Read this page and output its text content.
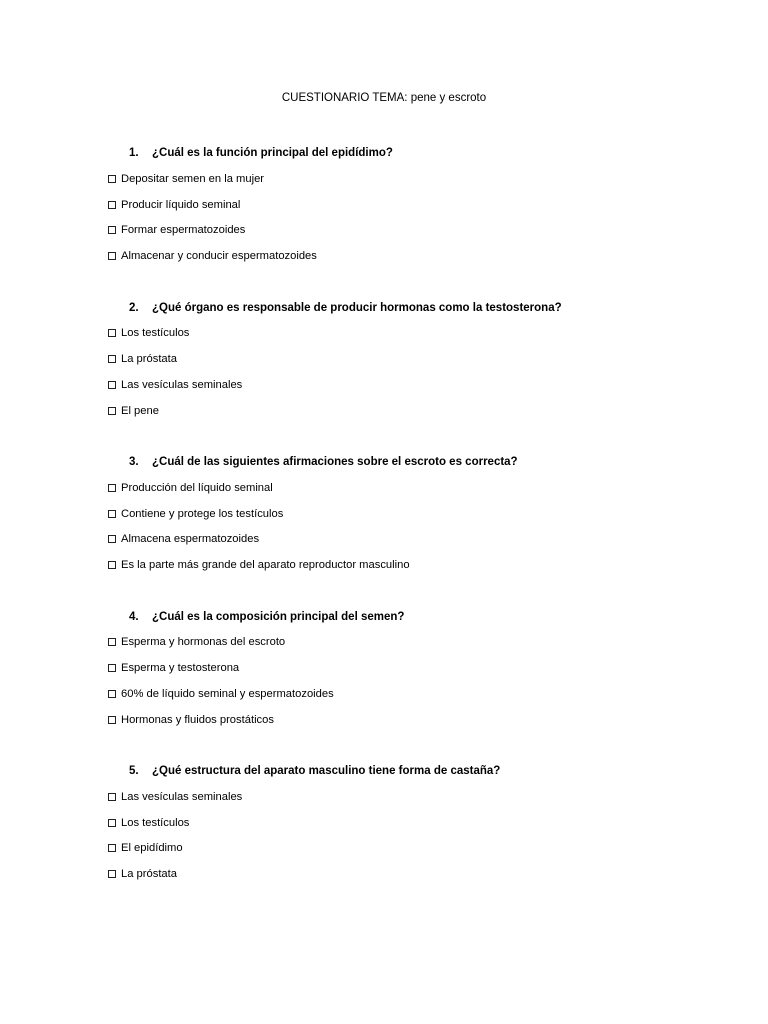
CUESTIONARIO TEMA: pene y escroto
1.	¿Cuál es la función principal del epidídimo?
Depositar semen en la mujer
Producir líquido seminal
Formar espermatozoides
Almacenar y conducir espermatozoides
2.	¿Qué órgano es responsable de producir hormonas como la testosterona?
Los testículos
La próstata
Las vesículas seminales
El pene
3.	¿Cuál de las siguientes afirmaciones sobre el escroto es correcta?
Producción del líquido seminal
Contiene y protege los testículos
Almacena espermatozoides
Es la parte más grande del aparato reproductor masculino
4.	¿Cuál es la composición principal del semen?
Esperma y hormonas del escroto
Esperma y testosterona
60% de líquido seminal y espermatozoides
Hormonas y fluidos prostáticos
5.	¿Qué estructura del aparato masculino tiene forma de castaña?
Las vesículas seminales
Los testículos
El epidídimo
La próstata
